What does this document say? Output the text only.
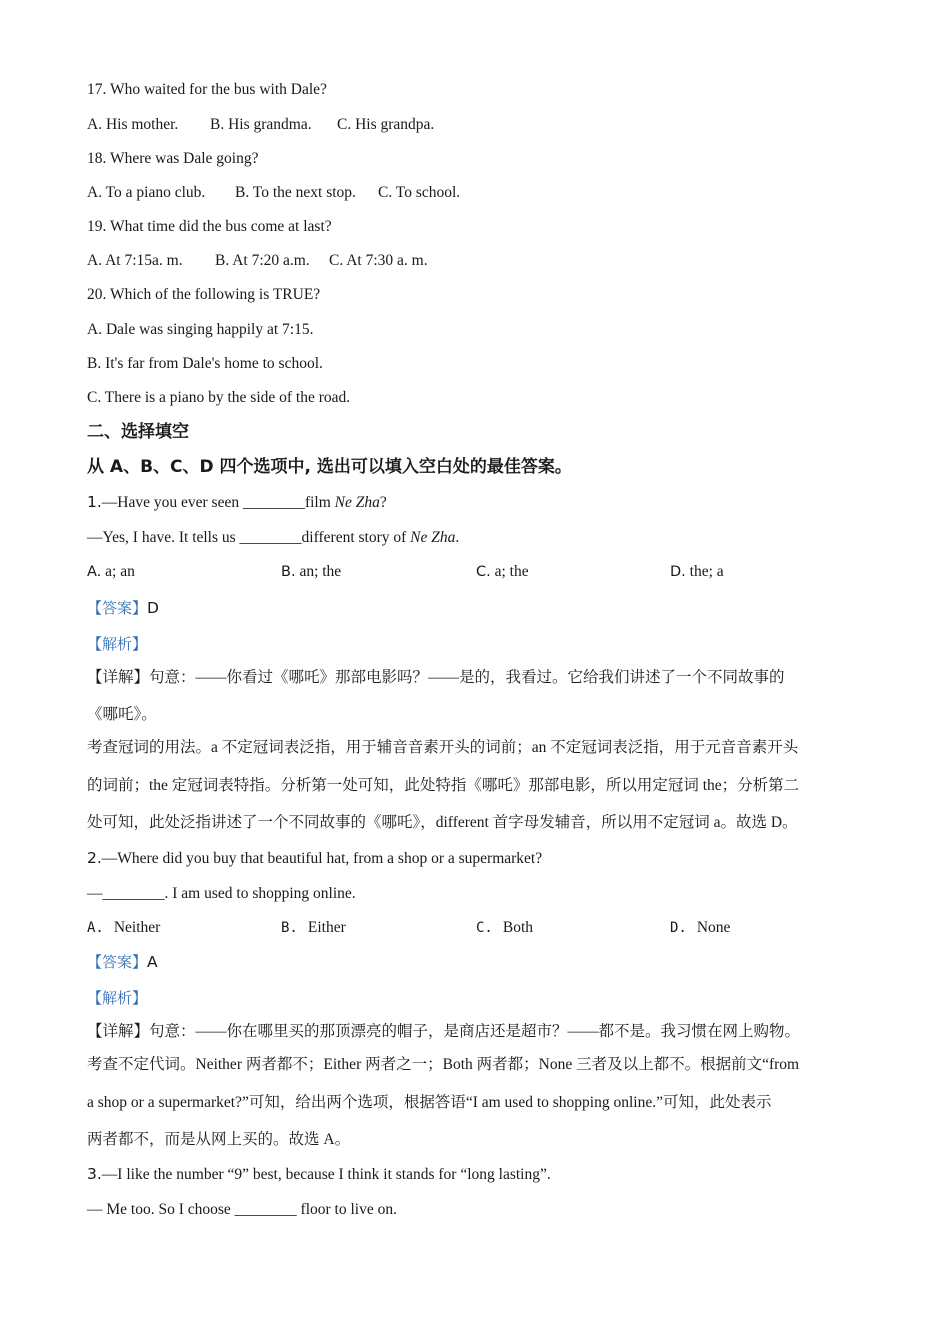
17. Who waited for the bus with Dale?
A. His mother. B. His grandma. C. His grandpa.
18. Where was Dale going?
A. To a piano club. B. To the next stop. C. To school.
19. What time did the bus come at last?
A. At 7:15a. m. B. At 7:20 a.m. C. At 7:30 a. m.
20. Which of the following is TRUE?
A. Dale was singing happily at 7:15.
B. It's far from Dale's home to school.
C. There is a piano by the side of the road.
二、选择填空
从 A、B、C、D 四个选项中, 选出可以填入空白处的最佳答案。
1.—Have you ever seen ________film Ne Zha?
—Yes, I have. It tells us ________different story of Ne Zha.
A. a; an	B. an; the	C. a; the	D. the; a
【答案】D
【解析】
【详解】句意：——你看过《哪吒》那部电影吗？——是的，我看过。它给我们讲述了一个不同故事的
《哪吒》。
考查冠词的用法。a 不定冠词表泛指，用于辅音音素开头的词前；an 不定冠词表泛指，用于元音音素开头
的词前；the 定冠词表特指。分析第一处可知，此处特指《哪吒》那部电影，所以用定冠词 the；分析第二
处可知，此处泛指讲述了一个不同故事的《哪吒》，different 首字母发辅音，所以用不定冠词 a。故选 D。
2.—Where did you buy that beautiful hat, from a shop or a supermarket?
—________. I am used to shopping online.
A. Neither	B. Either	C. Both	D. None
【答案】A
【解析】
【详解】句意：——你在哪里买的那顶漂亮的帽子，是商店还是超市？——都不是。我习惯在网上购物。
考查不定代词。Neither 两者都不；Either 两者之一；Both 两者都；None 三者及以上都不。根据前文“from
a shop or a supermarket?”可知，给出两个选项，根据答语“I am used to shopping online.”可知，此处表示
两者都不，而是从网上买的。故选 A。
3.—I like the number “9” best, because I think it stands for “long lasting”.
— Me too. So I choose ________ floor to live on.
